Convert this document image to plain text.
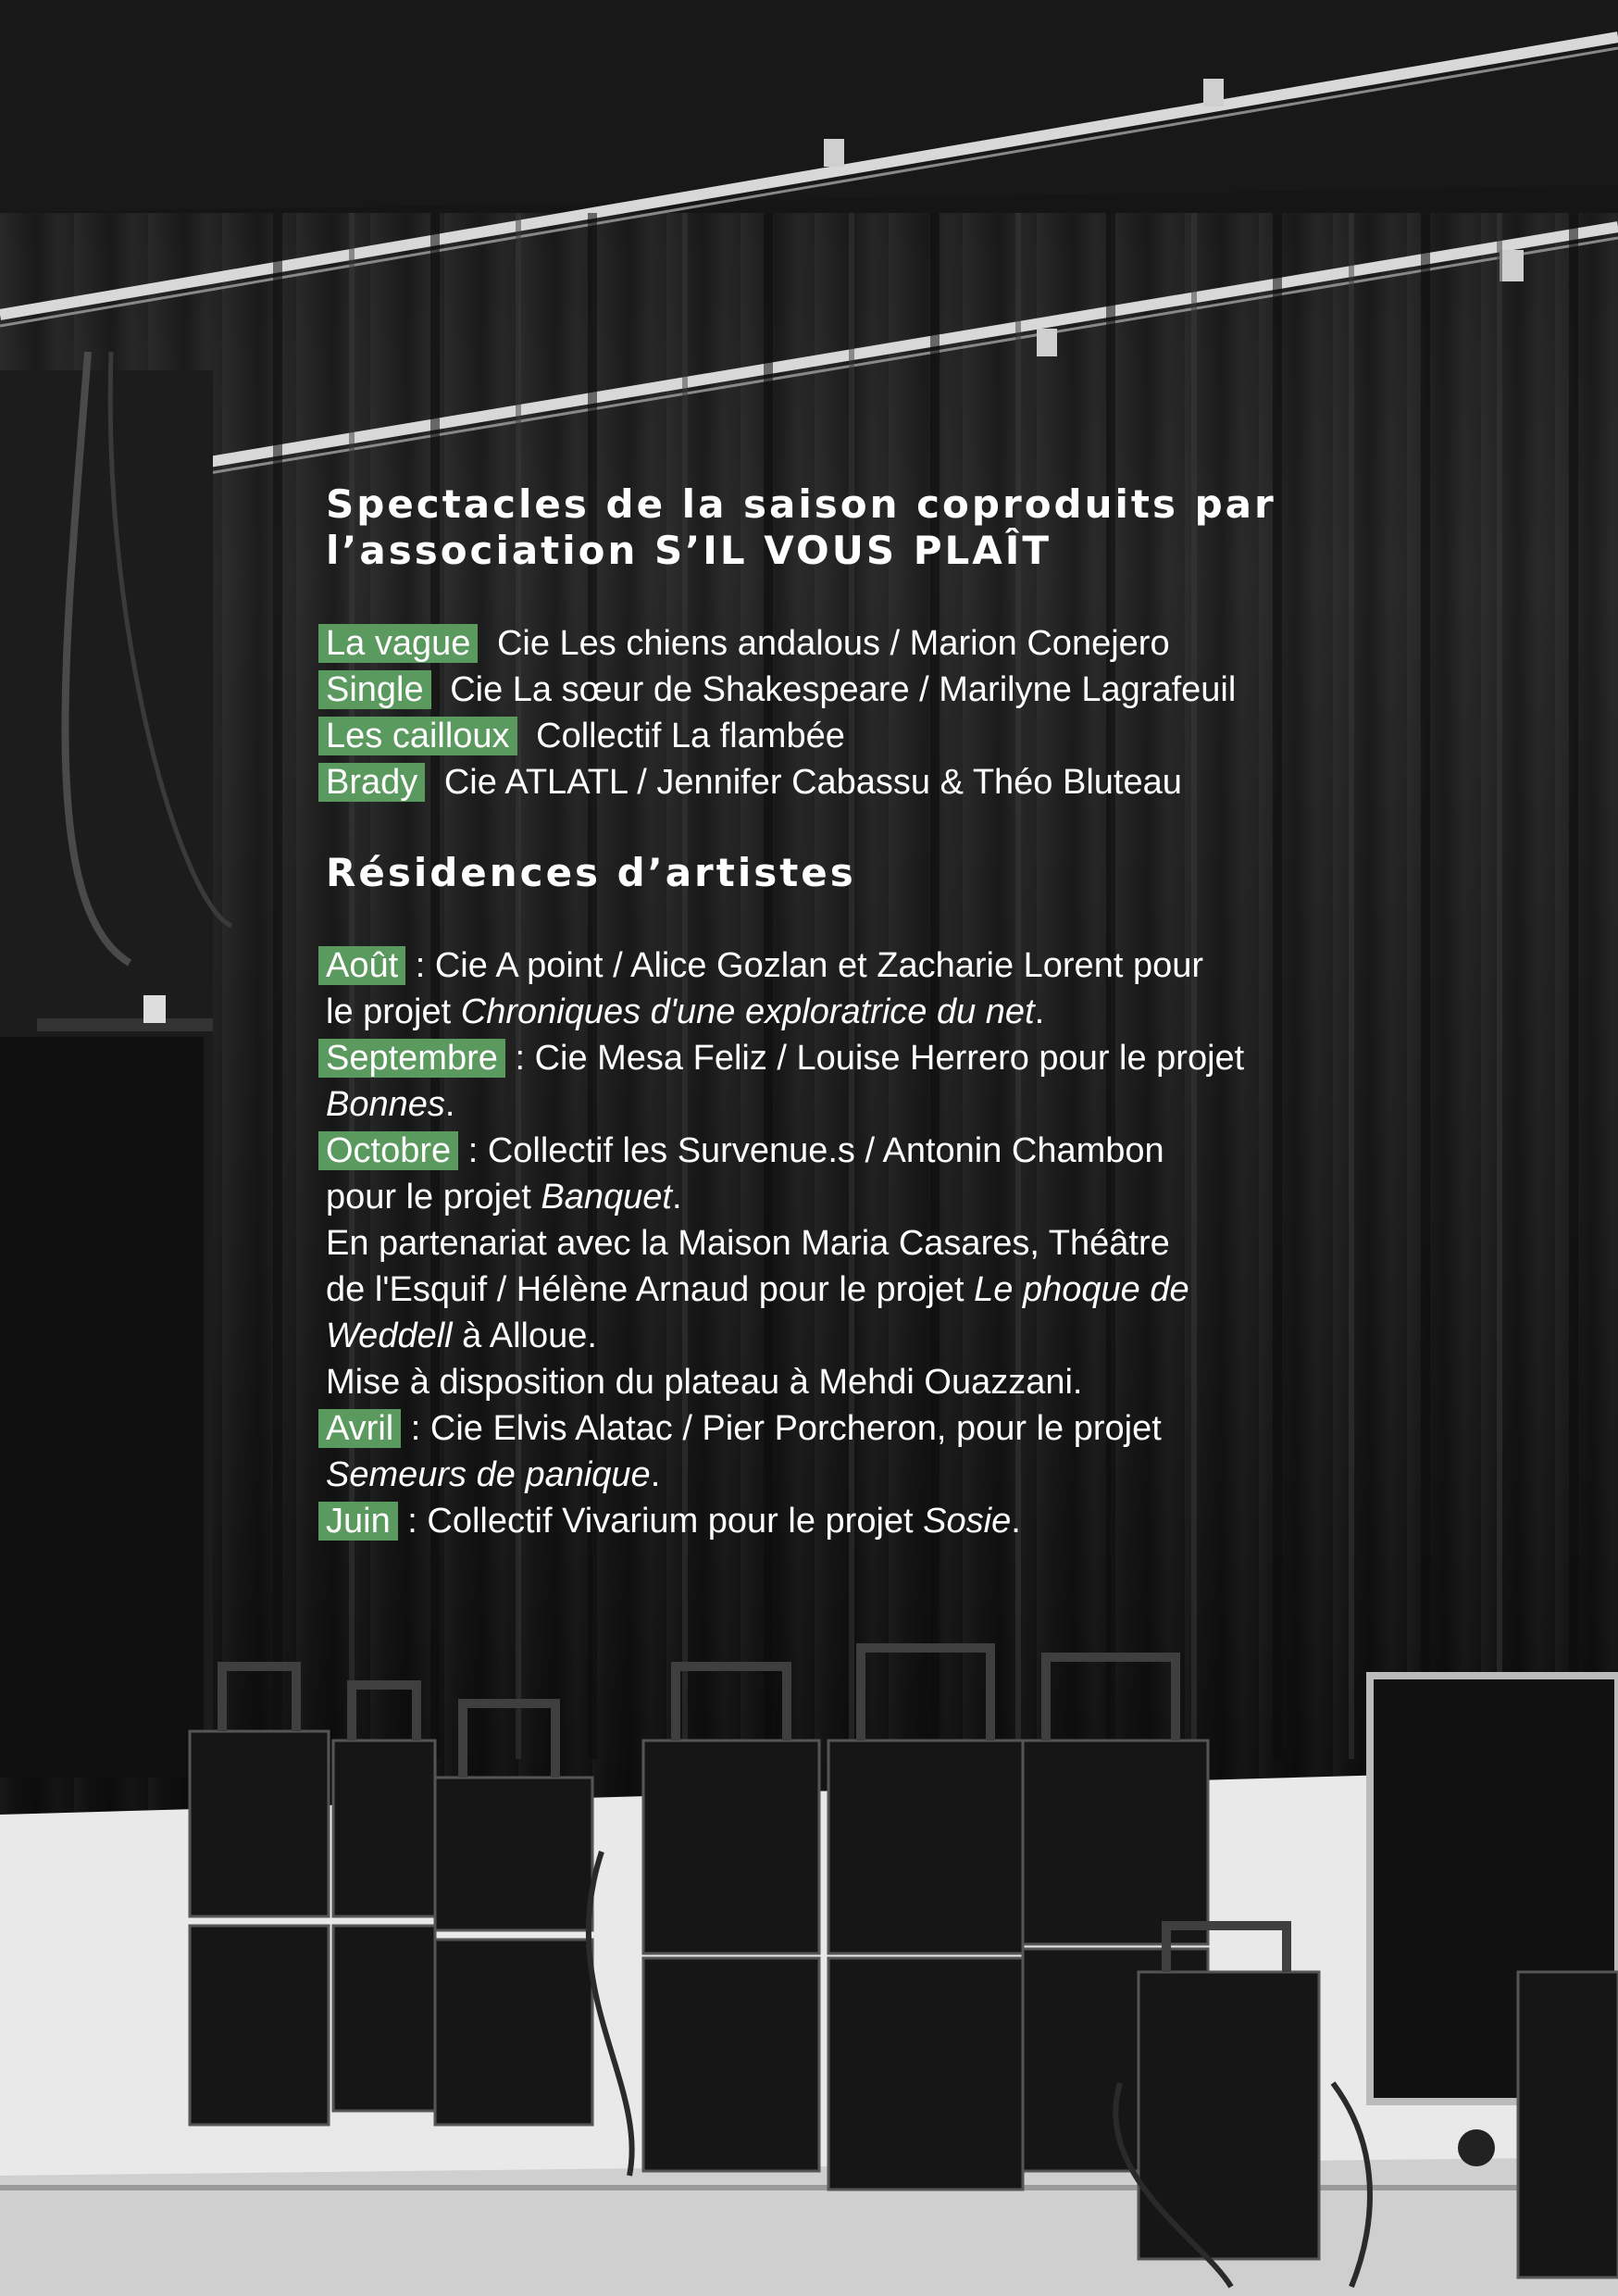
Spectacles de la saison coproduits par
l’association S’IL VOUS PLAÎT
La vague Cie Les chiens andalous / Marion Conejero
Single Cie La sœur de Shakespeare / Marilyne Lagrafeuil
Les cailloux Collectif La flambée
Brady Cie ATLATL / Jennifer Cabassu & Théo Bluteau
Résidences d’artistes
Août : Cie A point / Alice Gozlan et Zacharie Lorent pour
le projet Chroniques d'une exploratrice du net.
Septembre : Cie Mesa Feliz / Louise Herrero pour le projet
Bonnes.
Octobre : Collectif les Survenue.s / Antonin Chambon
pour le projet Banquet.
En partenariat avec la Maison Maria Casares, Théâtre
de l'Esquif / Hélène Arnaud pour le projet Le phoque de
Weddell à Alloue.
Mise à disposition du plateau à Mehdi Ouazzani.
Avril : Cie Elvis Alatac / Pier Porcheron, pour le projet
Semeurs de panique.
Juin : Collectif Vivarium pour le projet Sosie.
